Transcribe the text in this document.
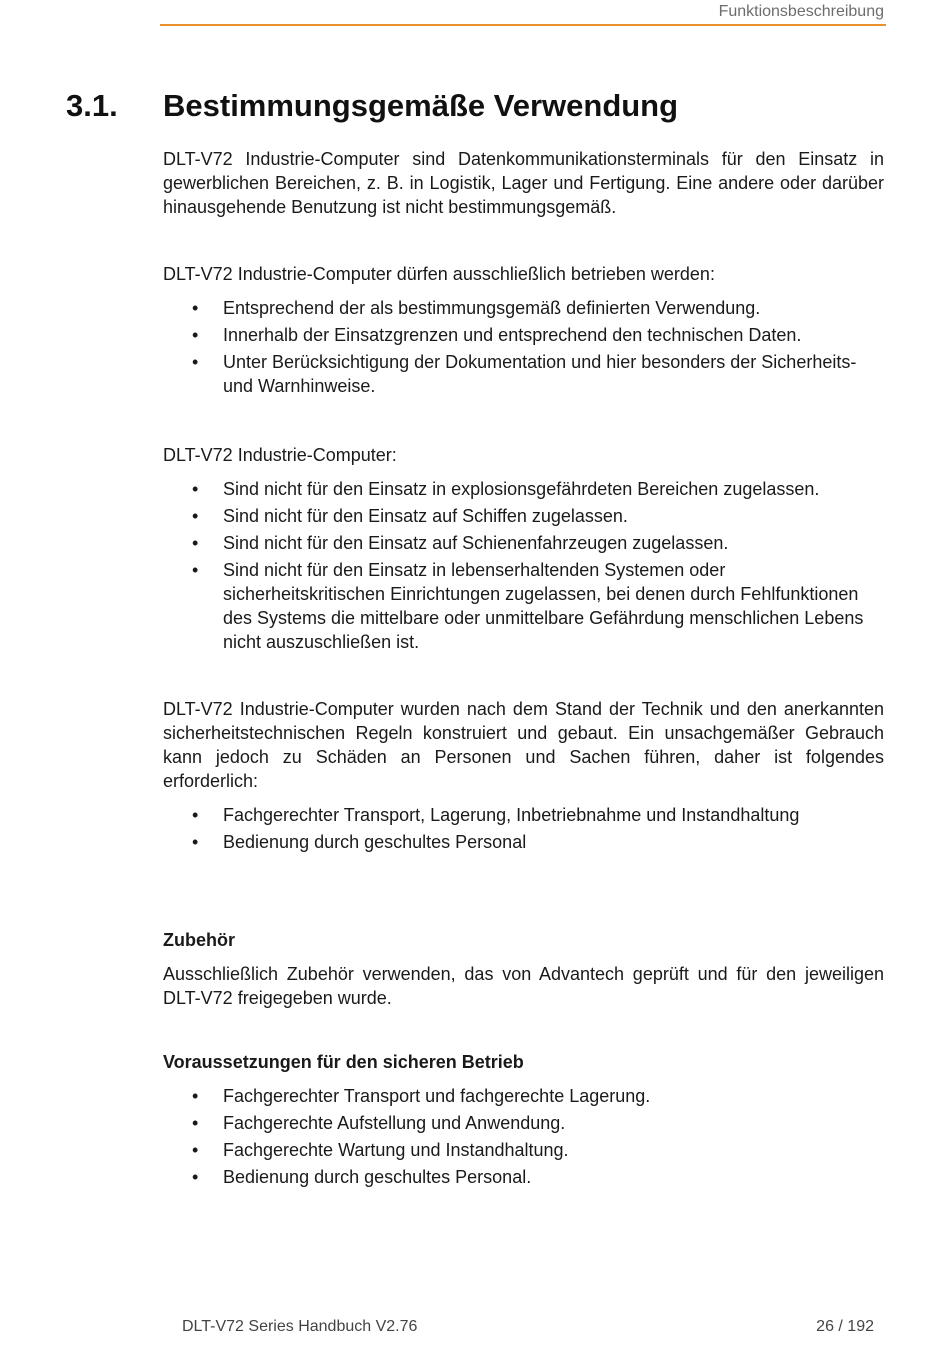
Funktionsbeschreibung
3.1. Bestimmungsgemäße Verwendung

DLT-V72 Industrie-Computer sind Datenkommunikationsterminals für den Einsatz in gewerblichen Bereichen, z. B. in Logistik, Lager und Fertigung. Eine andere oder darüber hinausgehende Benutzung ist nicht bestimmungsgemäß.

DLT-V72 Industrie-Computer dürfen ausschließlich betrieben werden:

• Entsprechend der als bestimmungsgemäß definierten Verwendung.
• Innerhalb der Einsatzgrenzen und entsprechend den technischen Daten.
• Unter Berücksichtigung der Dokumentation und hier besonders der Sicherheits- und Warnhinweise.

DLT-V72 Industrie-Computer:

• Sind nicht für den Einsatz in explosionsgefährdeten Bereichen zugelassen.
• Sind nicht für den Einsatz auf Schiffen zugelassen.
• Sind nicht für den Einsatz auf Schienenfahrzeugen zugelassen.
• Sind nicht für den Einsatz in lebenserhaltenden Systemen oder sicherheitskritischen Einrichtungen zugelassen, bei denen durch Fehlfunktionen des Systems die mittelbare oder unmittelbare Gefährdung menschlichen Lebens nicht auszuschließen ist.

DLT-V72 Industrie-Computer wurden nach dem Stand der Technik und den anerkannten sicherheitstechnischen Regeln konstruiert und gebaut. Ein unsachgemäßer Gebrauch kann jedoch zu Schäden an Personen und Sachen führen, daher ist folgendes erforderlich:

• Fachgerechter Transport, Lagerung, Inbetriebnahme und Instandhaltung
• Bedienung durch geschultes Personal
Zubehör

Ausschließlich Zubehör verwenden, das von Advantech geprüft und für den jeweiligen DLT-V72 freigegeben wurde.

Voraussetzungen für den sicheren Betrieb
• Fachgerechter Transport und fachgerechte Lagerung.
• Fachgerechte Aufstellung und Anwendung.
• Fachgerechte Wartung und Instandhaltung.
• Bedienung durch geschultes Personal.
DLT-V72 Series Handbuch V2.76	26 / 192
